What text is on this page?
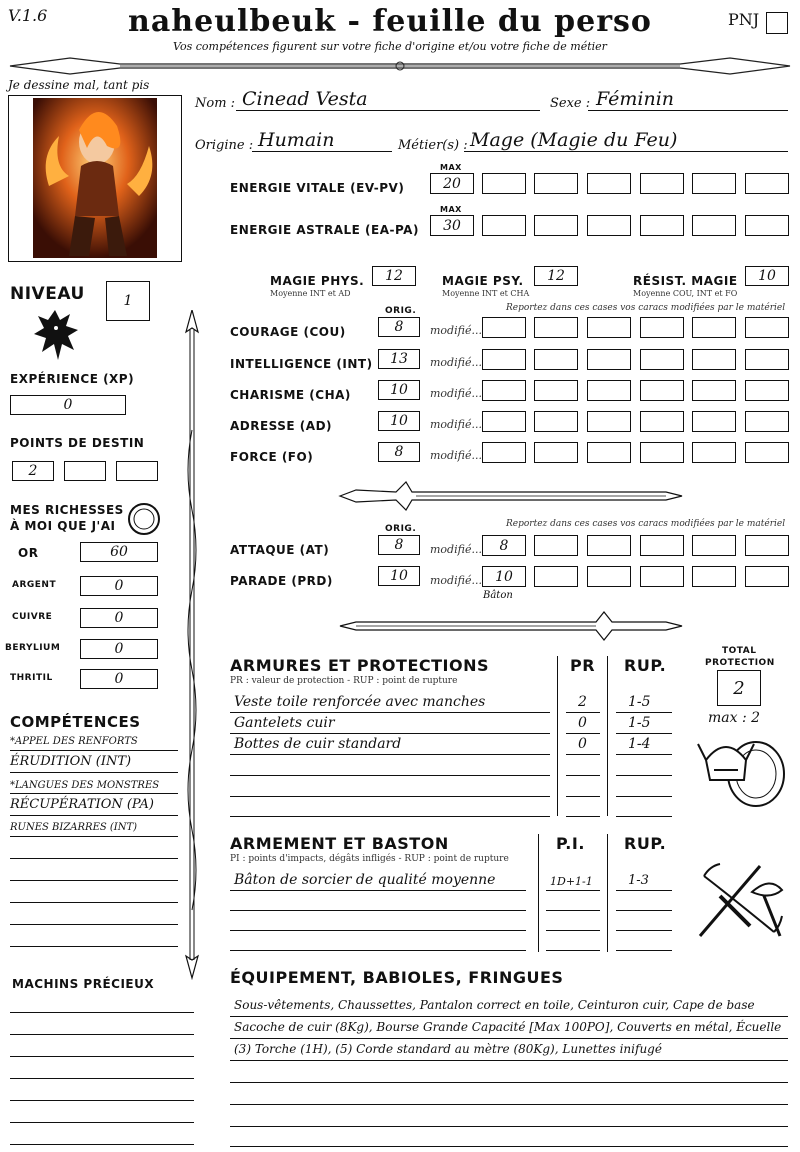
V.1.6	naheulbeuk - feuille du perso
Vos compétences figurent sur votre fiche d'origine et/ou votre fiche de métier
PNJ
Je dessine mal, tant pis
NIVEAU	1
EXPÉRIENCE (XP)
0
POINTS DE DESTIN
2
MES RICHESSES
À MOI QUE J'AI
OR	60
ARGENT	0
CUIVRE	0
BERYLIUM	0
THRITIL	0
COMPÉTENCES
*APPEL DES RENFORTS
ÉRUDITION (INT)
*LANGUES DES MONSTRES
RÉCUPÉRATION (PA)
RUNES BIZARRES (INT)
MACHINS PRÉCIEUX
Nom : Cinead Vesta	Sexe : Féminin
Origine : Humain	Métier(s) : Mage (Magie du Feu)
MAX
ENERGIE VITALE (EV-PV)	20
MAX
ENERGIE ASTRALE (EA-PA)	30
MAGIE PHYS.
Moyenne INT et AD
12	MAGIE PSY.
Moyenne INT et CHA
12	RÉSIST. MAGIE
Moyenne COU, INT et FO
10
ORIG.	Reportez dans ces cases vos caracs modifiées par le matériel
COURAGE (COU)	8	modifié...
INTELLIGENCE (INT)	13	modifié...
CHARISME (CHA)	10	modifié...
ADRESSE (AD)	10	modifié...
FORCE (FO)	8	modifié...
ORIG.	Reportez dans ces cases vos caracs modifiées par le matériel
ATTAQUE (AT)	8	modifié...	8
PARADE (PRD)	10	modifié... 10
Bâton
ARMURES ET PROTECTIONS
PR : valeur de protection - RUP : point de rupture
PR RUP.
Veste toile renforcée avec manches	2	1-5
Gantelets cuir	0	1-5
Bottes de cuir standard	0	1-4
TOTAL
PROTECTION
2
max : 2
ARMEMENT ET BASTON
PI : points d'impacts, dégâts infligés - RUP : point de rupture
P.I. RUP.
Bâton de sorcier de qualité moyenne	1D+1-1	1-3
ÉQUIPEMENT, BABIOLES, FRINGUES
Sous-vêtements, Chaussettes, Pantalon correct en toile, Ceinturon cuir, Cape de base
Sacoche de cuir (8Kg), Bourse Grande Capacité [Max 100PO], Couverts en métal, Écuelle
(3) Torche (1H), (5) Corde standard au mètre (80Kg), Lunettes inifugé
